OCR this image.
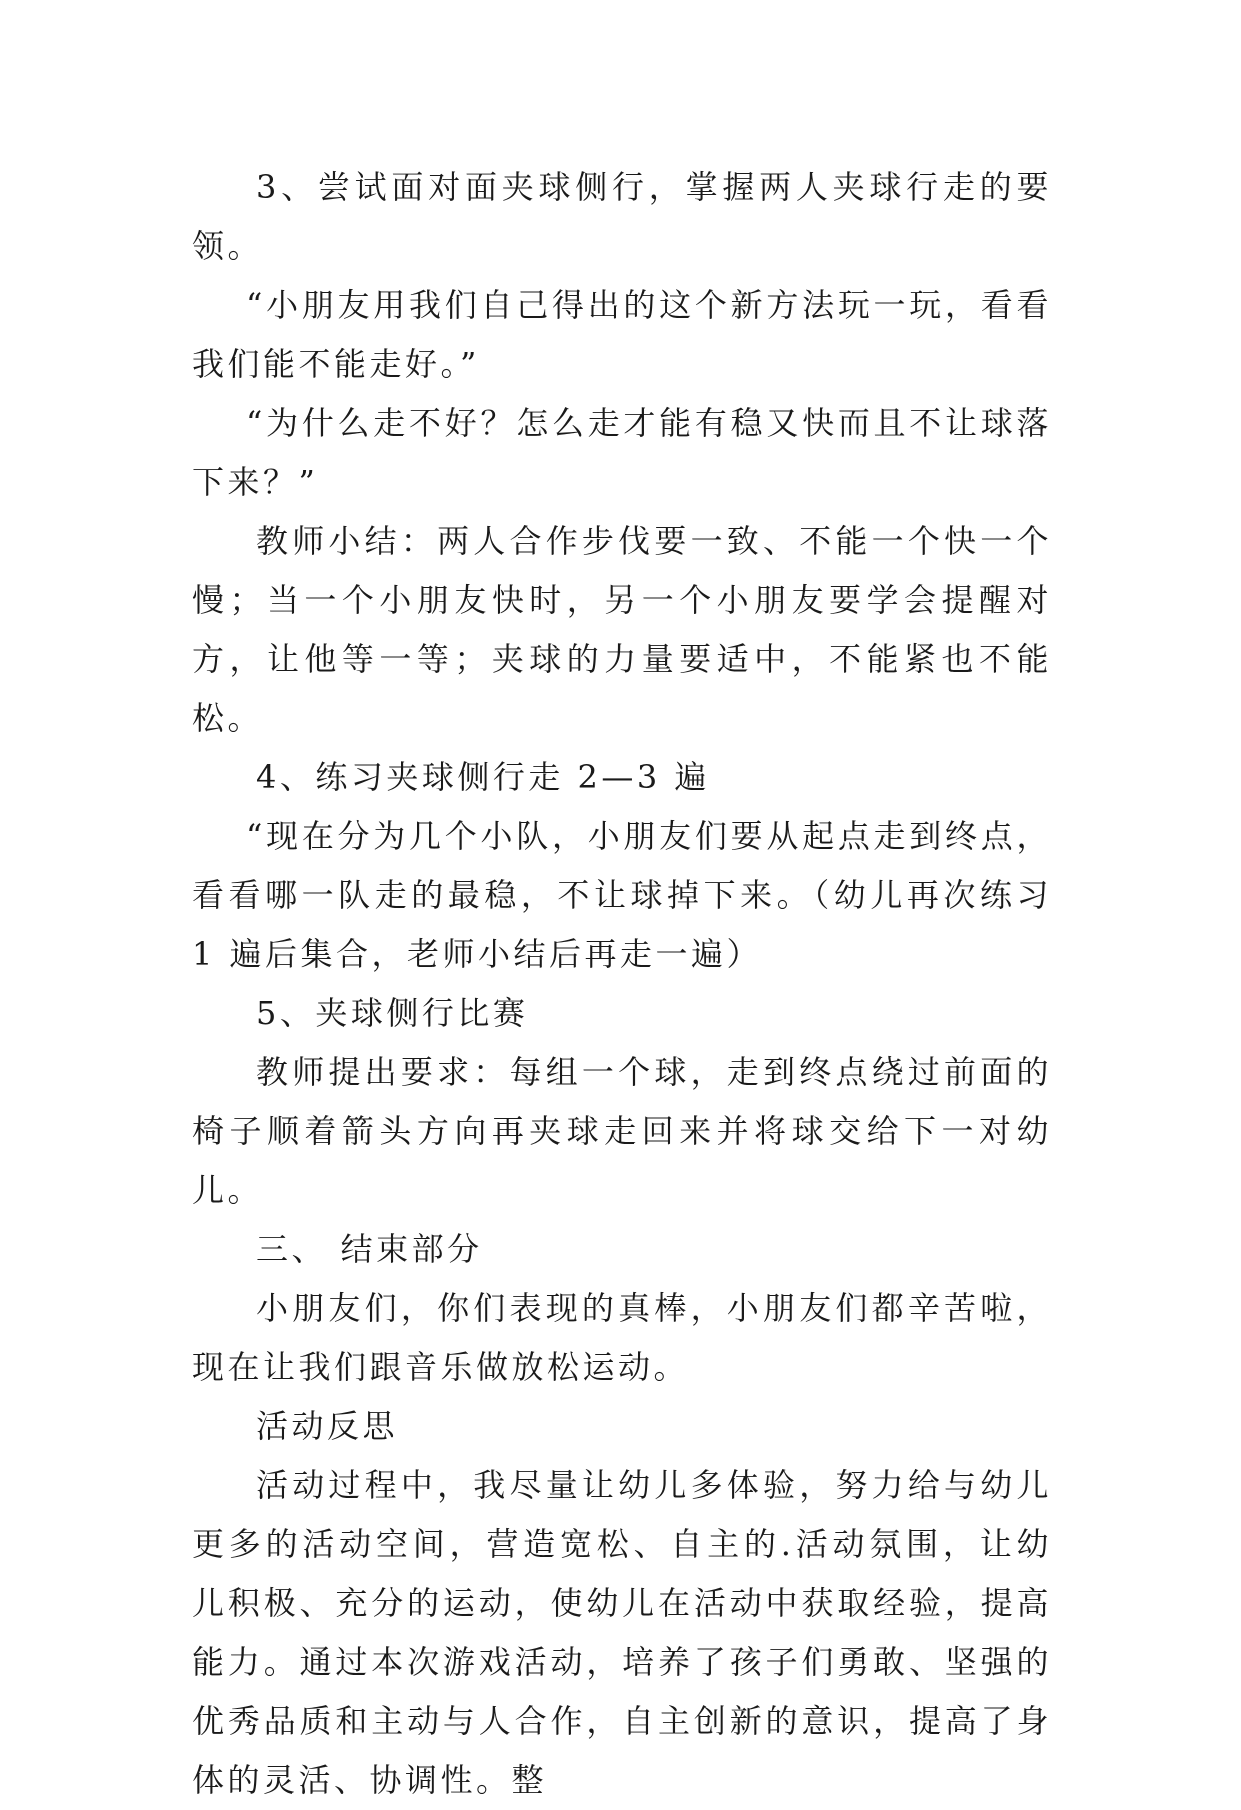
3、尝试面对面夹球侧行，掌握两人夹球行走的要领。

“小朋友用我们自己得出的这个新方法玩一玩，看看我们能不能走好。”

“为什么走不好？怎么走才能有稳又快而且不让球落下来？”

教师小结：两人合作步伐要一致、不能一个快一个慢；当一个小朋友快时，另一个小朋友要学会提醒对方，让他等一等；夹球的力量要适中，不能紧也不能松。

4、练习夹球侧行走 2—3 遍

“现在分为几个小队，小朋友们要从起点走到终点，看看哪一队走的最稳，不让球掉下来。（幼儿再次练习 1 遍后集合，老师小结后再走一遍）

5、夹球侧行比赛

教师提出要求：每组一个球，走到终点绕过前面的椅子顺着箭头方向再夹球走回来并将球交给下一对幼儿。

三、 结束部分

小朋友们，你们表现的真棒，小朋友们都辛苦啦，现在让我们跟音乐做放松运动。

活动反思

活动过程中，我尽量让幼儿多体验，努力给与幼儿更多的活动空间，营造宽松、自主的.活动氛围，让幼儿积极、充分的运动，使幼儿在活动中获取经验，提高能力。通过本次游戏活动，培养了孩子们勇敢、坚强的优秀品质和主动与人合作，自主创新的意识，提高了身体的灵活、协调性。整
